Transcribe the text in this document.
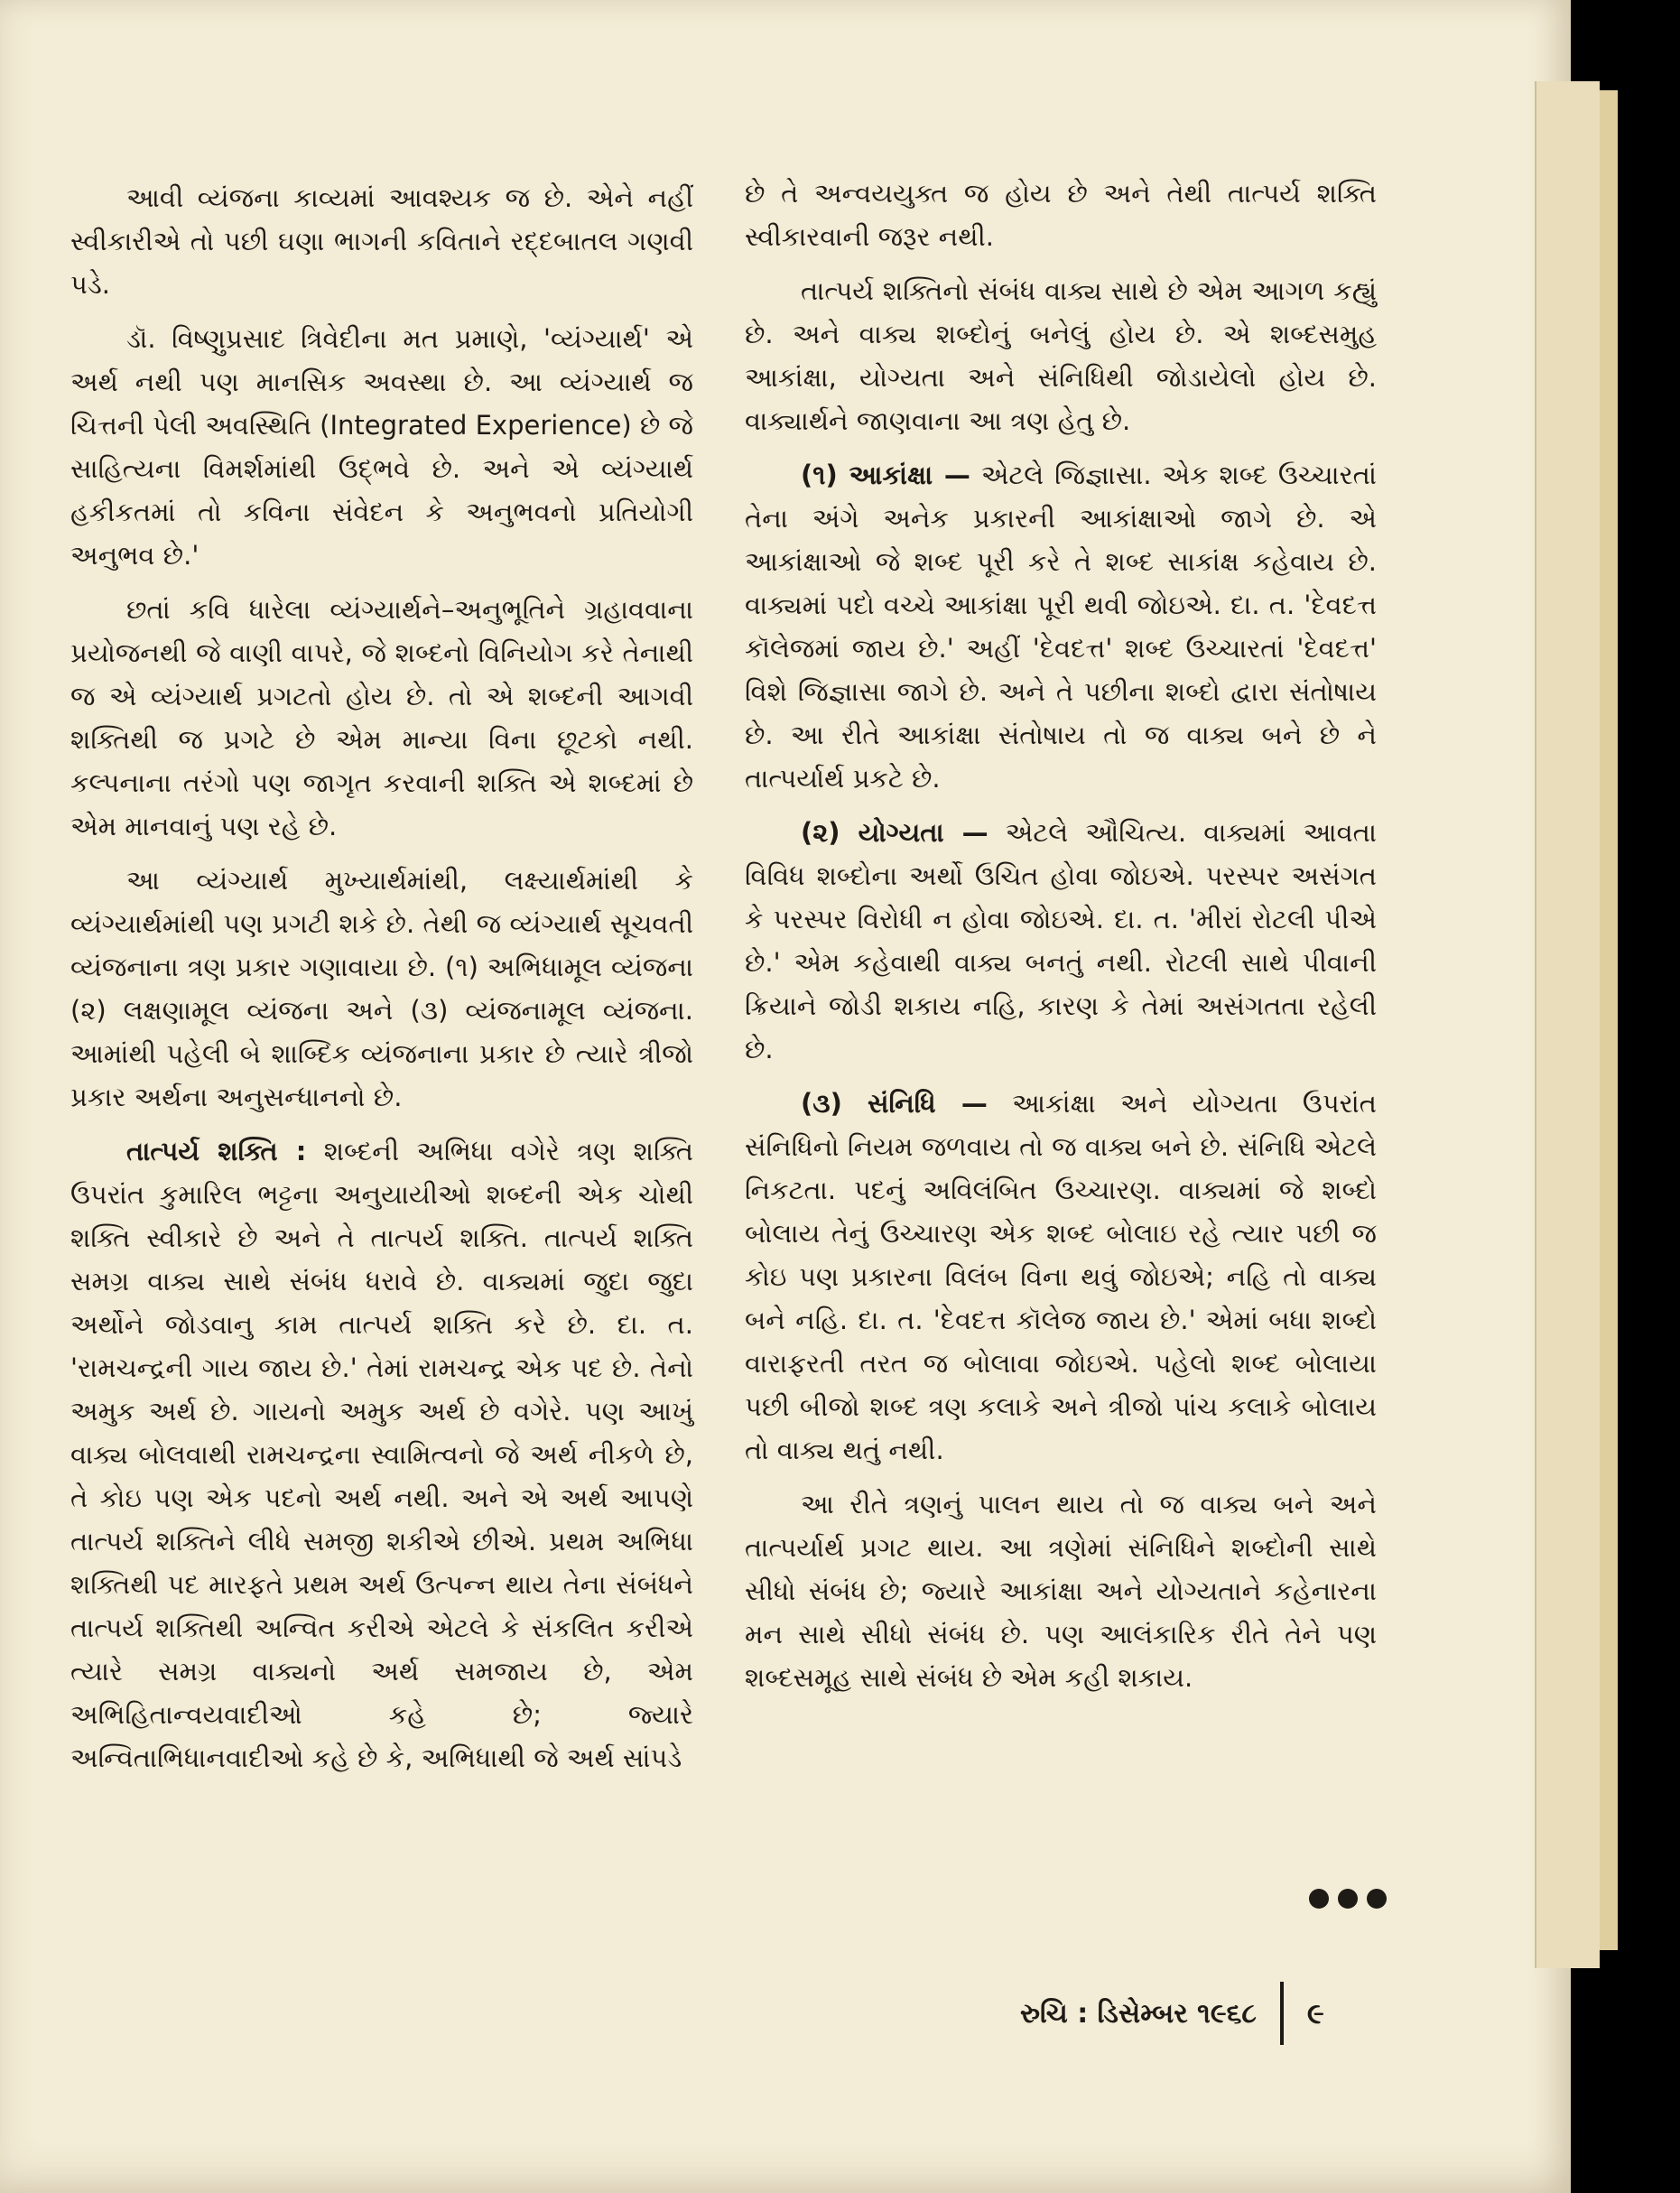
આવી વ્યંજના કાવ્યમાં આવશ્યક જ છે. એને નહીં સ્વીકારીએ તો પછી ઘણા ભાગની કવિતાને રદ્દબાતલ ગણવી પડે.

ડૉ. વિષ્ણુપ્રસાદ ત્રિવેદીના મત પ્રમાણે, 'વ્યંગ્યાર્થ' એ અર્થ નથી પણ માનસિક અવસ્થા છે. આ વ્યંગ્યાર્થ જ ચિત્તની પેલી અવસ્થિતિ (Integrated Experience) છે જે સાહિત્યના વિમર્શમાંથી ઉદ્ભવે છે. અને એ વ્યંગ્યાર્થ હકીકતમાં તો કવિના સંવેદન કે અનુભવનો પ્રતિયોગી અનુભવ છે.'

છતાં કવિ ધારેલા વ્યંગ્યાર્થને–અનુભૂતિને ગ્રહાવવાના પ્રયોજનથી જે વાણી વાપરે, જે શબ્દનો વિનિયોગ કરે તેનાથી જ એ વ્યંગ્યાર્થ પ્રગટતો હોય છે. તો એ શબ્દની આગવી શક્તિથી જ પ્રગટે છે એમ માન્યા વિના છૂટકો નથી. કલ્પનાના તરંગો પણ જાગૃત કરવાની શક્તિ એ શબ્દમાં છે એમ માનવાનું પણ રહે છે.

આ વ્યંગ્યાર્થ મુખ્યાર્થમાંથી, લક્ષ્યાર્થમાંથી કે વ્યંગ્યાર્થમાંથી પણ પ્રગટી શકે છે. તેથી જ વ્યંગ્યાર્થ સૂચવતી વ્યંજનાના ત્રણ પ્રકાર ગણાવાયા છે. (૧) અભિધામૂલ વ્યંજના (૨) લક્ષણામૂલ વ્યંજના અને (૩) વ્યંજનામૂલ વ્યંજના. આમાંથી પહેલી બે શાબ્દિક વ્યંજનાના પ્રકાર છે ત્યારે ત્રીજો પ્રકાર અર્થના અનુસન્ધાનનો છે.

તાત્પર્ય શક્તિ : શબ્દની અભિધા વગેરે ત્રણ શક્તિ ઉપરાંત કુમારિલ ભટ્ટના અનુયાયીઓ શબ્દની એક ચોથી શક્તિ સ્વીકારે છે અને તે તાત્પર્ય શક્તિ. તાત્પર્ય શક્તિ સમગ્ર વાક્ય સાથે સંબંધ ધરાવે છે. વાક્યમાં જુદા જુદા અર્થોને જોડવાનુ કામ તાત્પર્ય શક્તિ કરે છે. દા. ત. 'રામચન્દ્રની ગાય જાય છે.' તેમાં રામચન્દ્ર એક પદ છે. તેનો અમુક અર્થ છે. ગાયનો અમુક અર્થ છે વગેરે. પણ આખું વાક્ય બોલવાથી રામચન્દ્રના સ્વામિત્વનો જે અર્થ નીકળે છે, તે કોઇ પણ એક પદનો અર્થ નથી. અને એ અર્થ આપણે તાત્પર્ય શક્તિને લીધે સમજી શકીએ છીએ. પ્રથમ અભિધા શક્તિથી પદ મારફતે પ્રથમ અર્થ ઉત્પન્ન થાય તેના સંબંધને તાત્પર્ય શક્તિથી અન્વિત કરીએ એટલે કે સંકલિત કરીએ ત્યારે સમગ્ર વાક્યનો અર્થ સમજાય છે, એમ અભિહિતાન્વયવાદીઓ કહે છે; જ્યારે અન્વિતાભિધાનવાદીઓ કહે છે કે, અભિધાથી જે અર્થ સાંપડે

છે તે અન્વયયુક્ત જ હોય છે અને તેથી તાત્પર્ય શક્તિ સ્વીકારવાની જરૂર નથી.

તાત્પર્ય શક્તિનો સંબંધ વાક્ય સાથે છે એમ આગળ કહ્યું છે. અને વાક્ય શબ્દોનું બનેલું હોય છે. એ શબ્દસમુહ આકાંક્ષા, યોગ્યતા અને સંનિધિથી જોડાયેલો હોય છે. વાક્યાર્થને જાણવાના આ ત્રણ હેતુ છે.

(૧) આકાંક્ષા — એટલે જિજ્ઞાસા. એક શબ્દ ઉચ્ચારતાં તેના અંગે અનેક પ્રકારની આકાંક્ષાઓ જાગે છે. એ આકાંક્ષાઓ જે શબ્દ પૂરી કરે તે શબ્દ સાકાંક્ષ કહેવાય છે. વાક્યમાં પદો વચ્ચે આકાંક્ષા પૂરી થવી જોઇએ. દા. ત. 'દેવદત્ત કૉલેજમાં જાય છે.' અહીં 'દેવદત્ત' શબ્દ ઉચ્ચારતાં 'દેવદત્ત' વિશે જિજ્ઞાસા જાગે છે. અને તે પછીના શબ્દો દ્વારા સંતોષાય છે. આ રીતે આકાંક્ષા સંતોષાય તો જ વાક્ય બને છે ને તાત્પર્યાર્થ પ્રકટે છે.

(૨) યોગ્યતા — એટલે ઔચિત્ય. વાક્યમાં આવતા વિવિધ શબ્દોના અર્થો ઉચિત હોવા જોઇએ. પરસ્પર અસંગત કે પરસ્પર વિરોધી ન હોવા જોઇએ. દા. ત. 'મીરાં રોટલી પીએ છે.' એમ કહેવાથી વાક્ય બનતું નથી. રોટલી સાથે પીવાની ક્રિયાને જોડી શકાય નહિ, કારણ કે તેમાં અસંગતતા રહેલી છે.

(૩) સંનિધિ — આકાંક્ષા અને યોગ્યતા ઉપરાંત સંનિધિનો નિયમ જળવાય તો જ વાક્ય બને છે. સંનિધિ એટલે નિકટતા. પદનું અવિલંબિત ઉચ્ચારણ. વાક્યમાં જે શબ્દો બોલાય તેનું ઉચ્ચારણ એક શબ્દ બોલાઇ રહે ત્યાર પછી જ કોઇ પણ પ્રકારના વિલંબ વિના થવું જોઇએ; નહિ તો વાક્ય બને નહિ. દા. ત. 'દેવદત્ત કૉલેજ જાય છે.' એમાં બધા શબ્દો વારાફરતી તરત જ બોલાવા જોઇએ. પહેલો શબ્દ બોલાયા પછી બીજો શબ્દ ત્રણ કલાકે અને ત્રીજો પાંચ કલાકે બોલાય તો વાક્ય થતું નથી.

આ રીતે ત્રણનું પાલન થાય તો જ વાક્ય બને અને તાત્પર્યાર્થ પ્રગટ થાય. આ ત્રણેમાં સંનિધિને શબ્દોની સાથે સીધો સંબંધ છે; જ્યારે આકાંક્ષા અને યોગ્યતાને કહેનારના મન સાથે સીધો સંબંધ છે. પણ આલંકારિક રીતે તેને પણ શબ્દસમૂહ સાથે સંબંધ છે એમ કહી શકાય.

રુચિ : ડિસેમ્બર ૧૯૬૮ ૯
